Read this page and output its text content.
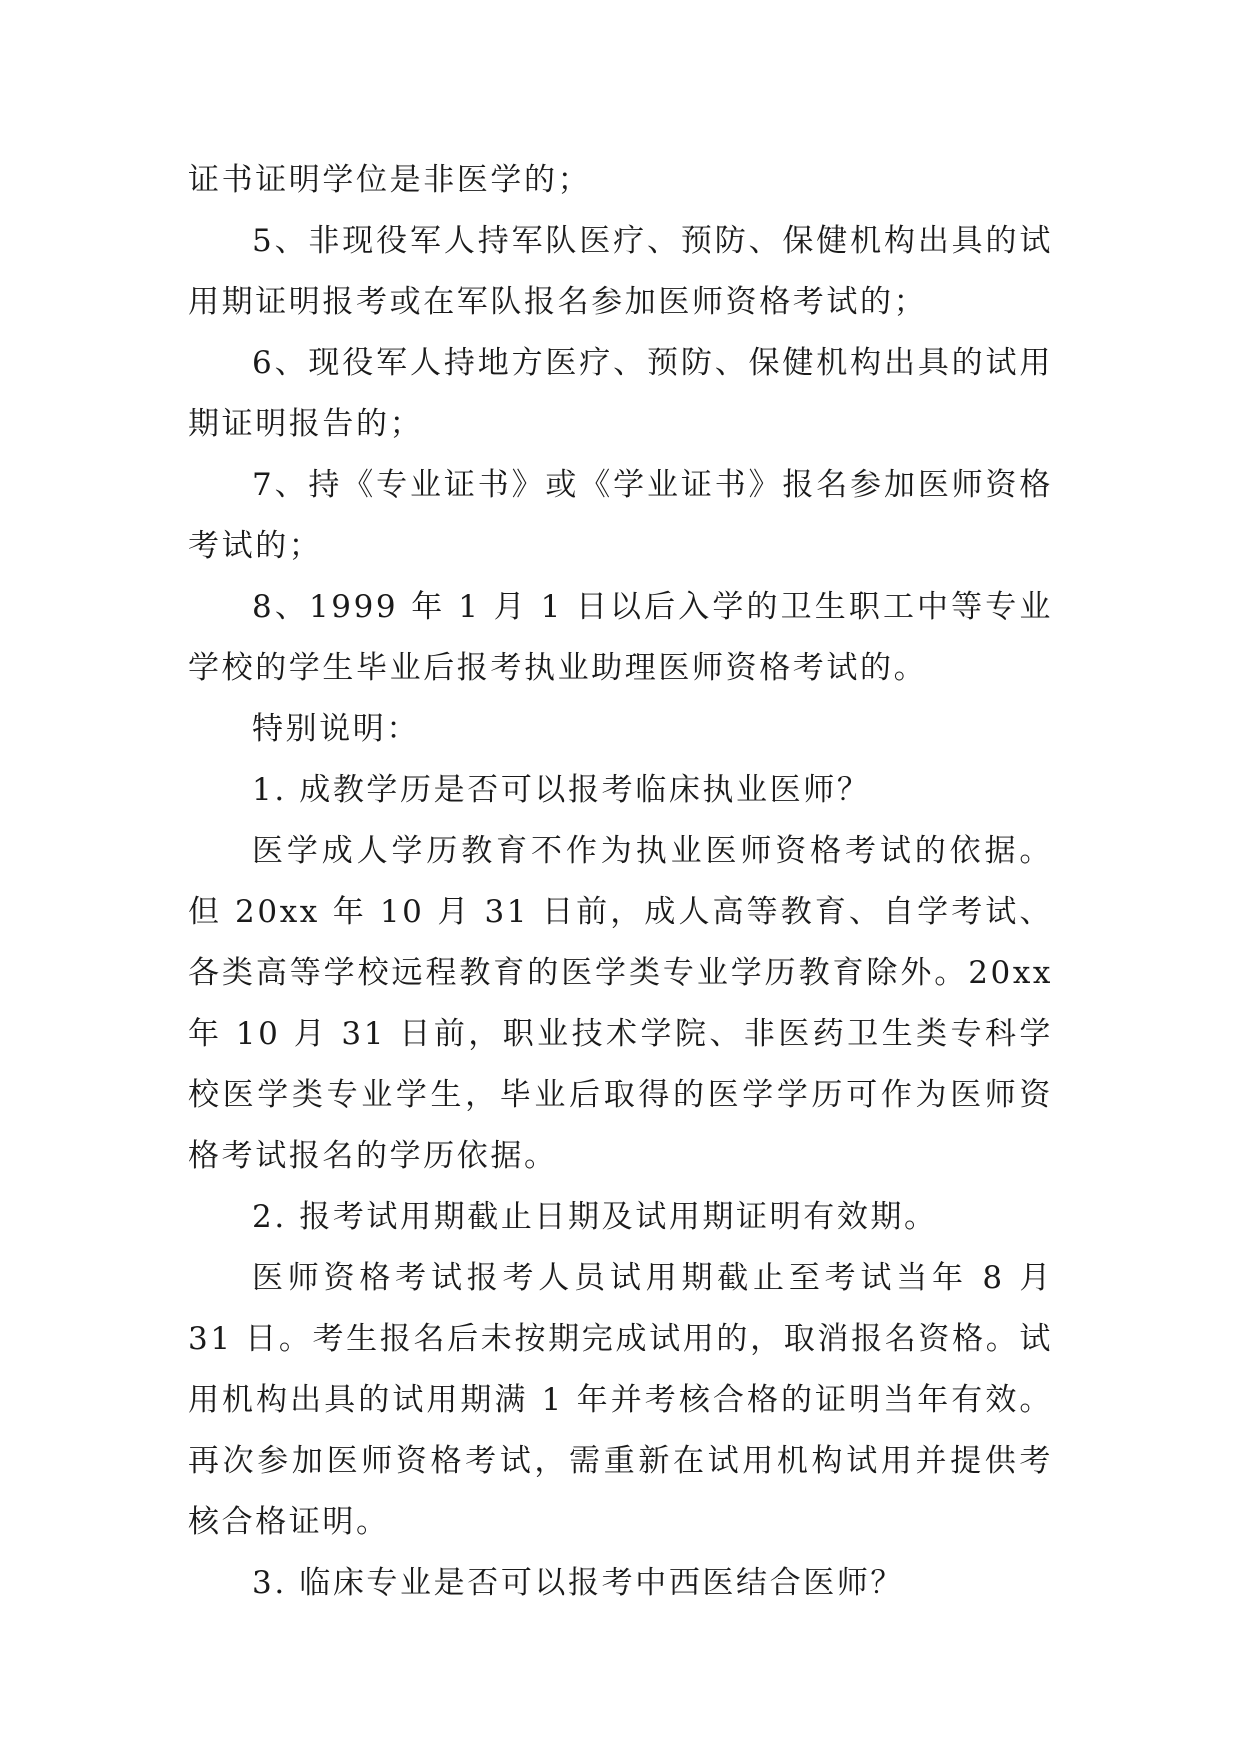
证书证明学位是非医学的；

5、非现役军人持军队医疗、预防、保健机构出具的试用期证明报考或在军队报名参加医师资格考试的；

6、现役军人持地方医疗、预防、保健机构出具的试用期证明报告的；

7、持《专业证书》或《学业证书》报名参加医师资格考试的；

8、1999 年 1 月 1 日以后入学的卫生职工中等专业学校的学生毕业后报考执业助理医师资格考试的。

特别说明：

1. 成教学历是否可以报考临床执业医师？

医学成人学历教育不作为执业医师资格考试的依据。但 20xx 年 10 月 31 日前，成人高等教育、自学考试、各类高等学校远程教育的医学类专业学历教育除外。20xx 年 10 月 31 日前，职业技术学院、非医药卫生类专科学校医学类专业学生，毕业后取得的医学学历可作为医师资格考试报名的学历依据。

2. 报考试用期截止日期及试用期证明有效期。

医师资格考试报考人员试用期截止至考试当年 8 月 31 日。考生报名后未按期完成试用的，取消报名资格。试用机构出具的试用期满 1 年并考核合格的证明当年有效。再次参加医师资格考试，需重新在试用机构试用并提供考核合格证明。

3. 临床专业是否可以报考中西医结合医师？
